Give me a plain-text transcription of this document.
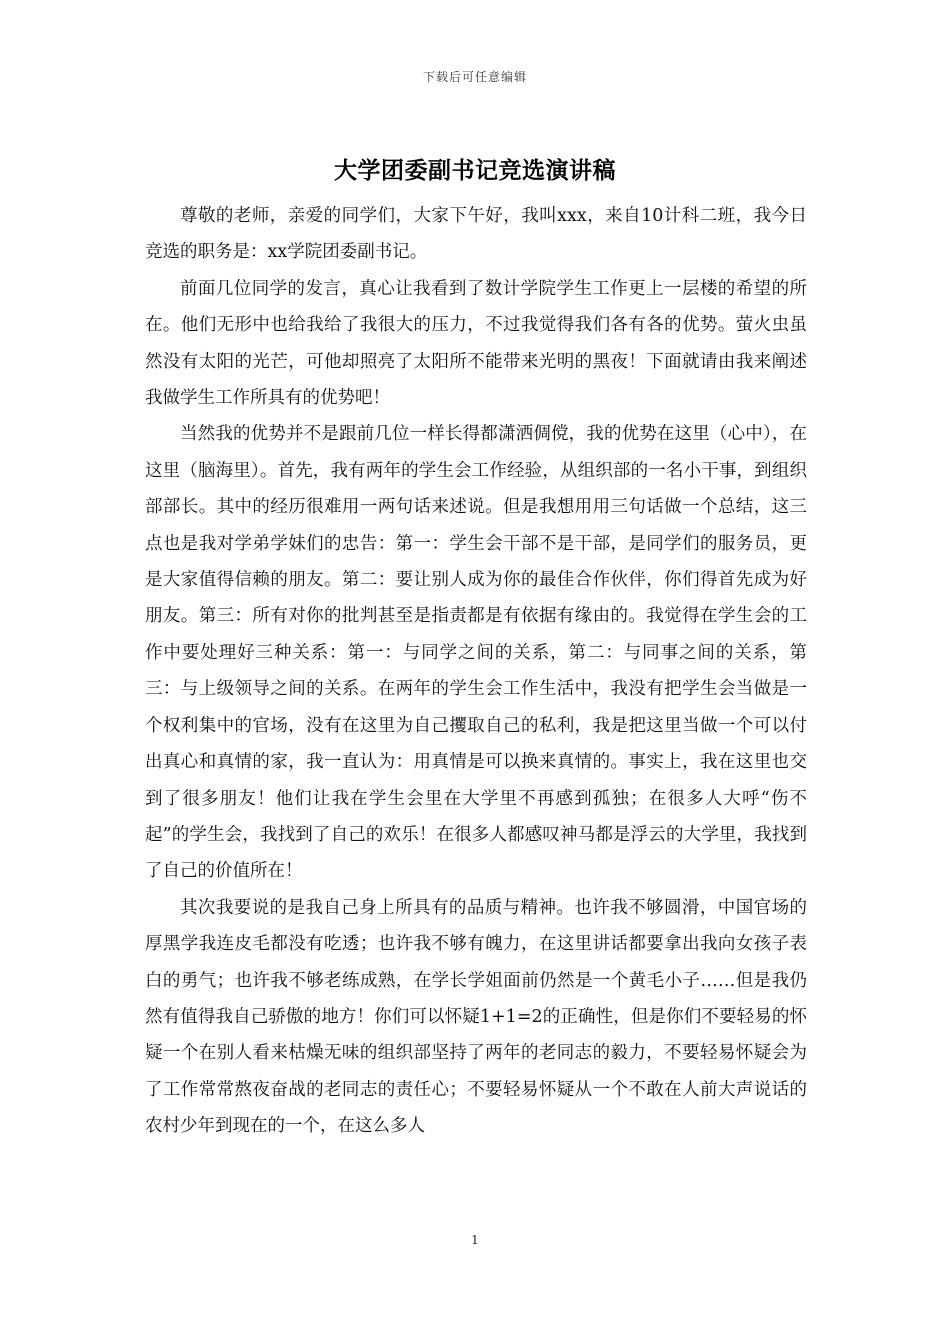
下载后可任意编辑
大学团委副书记竞选演讲稿

尊敬的老师，亲爱的同学们，大家下午好，我叫xxx，来自10计科二班，我今日竞选的职务是：xx学院团委副书记。

前面几位同学的发言，真心让我看到了数计学院学生工作更上一层楼的希望的所在。他们无形中也给我给了我很大的压力，不过我觉得我们各有各的优势。萤火虫虽然没有太阳的光芒，可他却照亮了太阳所不能带来光明的黑夜！下面就请由我来阐述我做学生工作所具有的优势吧！

当然我的优势并不是跟前几位一样长得都潇洒倜傥，我的优势在这里（心中），在这里（脑海里）。首先，我有两年的学生会工作经验，从组织部的一名小干事，到组织部部长。其中的经历很难用一两句话来述说。但是我想用用三句话做一个总结，这三点也是我对学弟学妹们的忠告：第一：学生会干部不是干部，是同学们的服务员，更是大家值得信赖的朋友。第二：要让别人成为你的最佳合作伙伴，你们得首先成为好朋友。第三：所有对你的批判甚至是指责都是有依据有缘由的。我觉得在学生会的工作中要处理好三种关系：第一：与同学之间的关系，第二：与同事之间的关系，第三：与上级领导之间的关系。在两年的学生会工作生活中，我没有把学生会当做是一个权利集中的官场，没有在这里为自己攫取自己的私利，我是把这里当做一个可以付出真心和真情的家，我一直认为：用真情是可以换来真情的。事实上，我在这里也交到了很多朋友！他们让我在学生会里在大学里不再感到孤独；在很多人大呼“伤不起”的学生会，我找到了自己的欢乐！在很多人都感叹神马都是浮云的大学里，我找到了自己的价值所在！

其次我要说的是我自己身上所具有的品质与精神。也许我不够圆滑，中国官场的厚黑学我连皮毛都没有吃透；也许我不够有魄力，在这里讲话都要拿出我向女孩子表白的勇气；也许我不够老练成熟，在学长学姐面前仍然是一个黄毛小子……但是我仍然有值得我自己骄傲的地方！你们可以怀疑1+1=2的正确性，但是你们不要轻易的怀疑一个在别人看来枯燥无味的组织部坚持了两年的老同志的毅力，不要轻易怀疑会为了工作常常熬夜奋战的老同志的责任心；不要轻易怀疑从一个不敢在人前大声说话的农村少年到现在的一个，在这么多人

1
